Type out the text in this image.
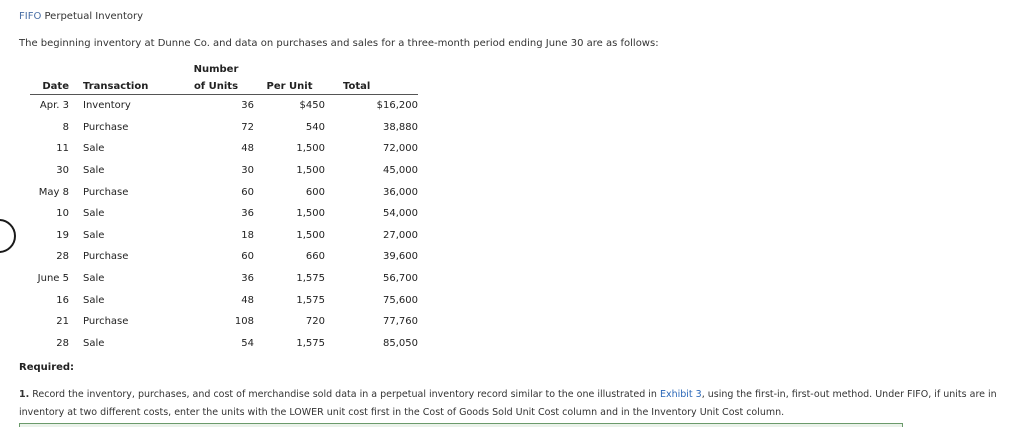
FIFO Perpetual Inventory
The beginning inventory at Dunne Co. and data on purchases and sales for a three-month period ending June 30 are as follows:
		Number		
Date	Transaction	of Units	Per Unit	Total
Apr. 3	Inventory	36	$450	$16,200
8	Purchase	72	540	38,880
11	Sale	48	1,500	72,000
30	Sale	30	1,500	45,000
May 8	Purchase	60	600	36,000
10	Sale	36	1,500	54,000
19	Sale	18	1,500	27,000
28	Purchase	60	660	39,600
June 5	Sale	36	1,575	56,700
16	Sale	48	1,575	75,600
21	Purchase	108	720	77,760
28	Sale	54	1,575	85,050
Required:
1. Record the inventory, purchases, and cost of merchandise sold data in a perpetual inventory record similar to the one illustrated in Exhibit 3, using the first-in, first-out method. Under FIFO, if units are in inventory at two different costs, enter the units with the LOWER unit cost first in the Cost of Goods Sold Unit Cost column and in the Inventory Unit Cost column.
